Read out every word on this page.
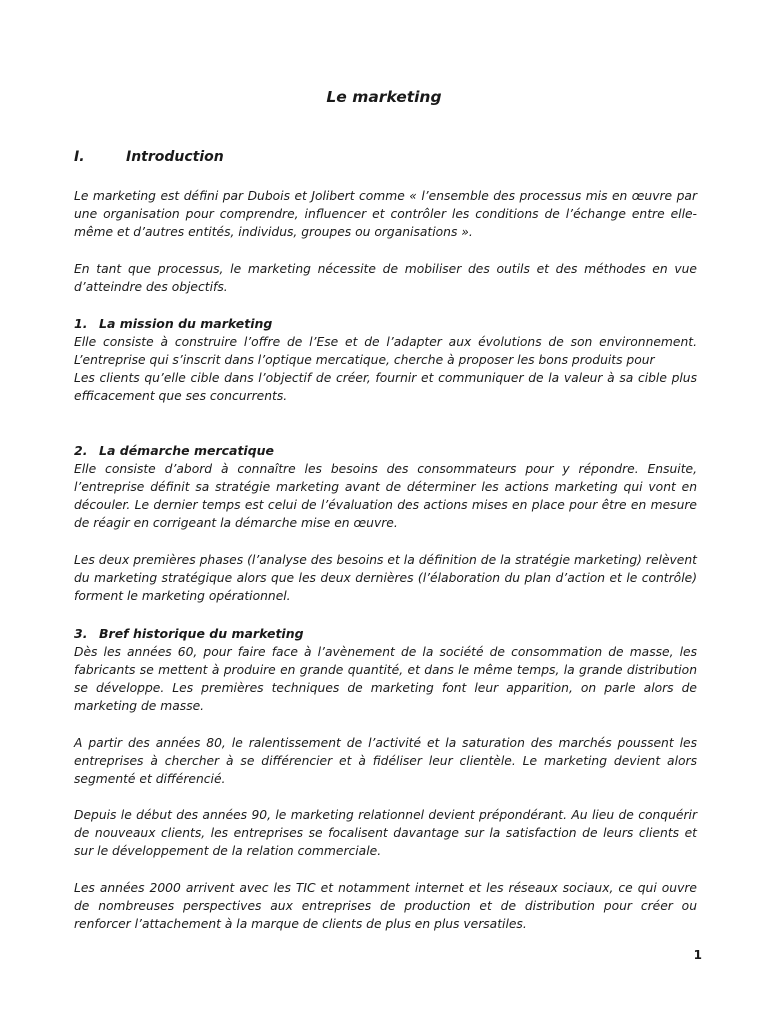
Le marketing
I.	Introduction

Le marketing est défini par Dubois et Jolibert comme « l’ensemble des processus mis en œuvre par une organisation pour comprendre, influencer et contrôler les conditions de l’échange entre elle-même et d’autres entités, individus, groupes ou organisations ».

En tant que processus, le marketing nécessite de mobiliser des outils et des méthodes en vue d’atteindre des objectifs.

1. La mission du marketing

Elle consiste à construire l’offre de l’Ese et de l’adapter aux évolutions de son environnement. L’entreprise qui s’inscrit dans l’optique mercatique, cherche à proposer les bons produits pour

Les clients qu’elle cible dans l’objectif de créer, fournir et communiquer de la valeur à sa cible plus efficacement que ses concurrents.

2. La démarche mercatique

Elle consiste d’abord à connaître les besoins des consommateurs pour y répondre. Ensuite, l’entreprise définit sa stratégie marketing avant de déterminer les actions marketing qui vont en découler. Le dernier temps est celui de l’évaluation des actions mises en place pour être en mesure de réagir en corrigeant la démarche mise en œuvre.

Les deux premières phases (l’analyse des besoins et la définition de la stratégie marketing) relèvent du marketing stratégique alors que les deux dernières (l’élaboration du plan d’action et le contrôle) forment le marketing opérationnel.

3. Bref historique du marketing

Dès les années 60, pour faire face à l’avènement de la société de consommation de masse, les fabricants se mettent à produire en grande quantité, et dans le même temps, la grande distribution se développe. Les premières techniques de marketing font leur apparition, on parle alors de marketing de masse.

A partir des années 80, le ralentissement de l’activité et la saturation des marchés poussent les entreprises à chercher à se différencier et à fidéliser leur clientèle. Le marketing devient alors segmenté et différencié.

Depuis le début des années 90, le marketing relationnel devient prépondérant. Au lieu de conquérir de nouveaux clients, les entreprises se focalisent davantage sur la satisfaction de leurs clients et sur le développement de la relation commerciale.

Les années 2000 arrivent avec les TIC et notamment internet et les réseaux sociaux, ce qui ouvre de nombreuses perspectives aux entreprises de production et de distribution pour créer ou renforcer l’attachement à la marque de clients de plus en plus versatiles.

1
